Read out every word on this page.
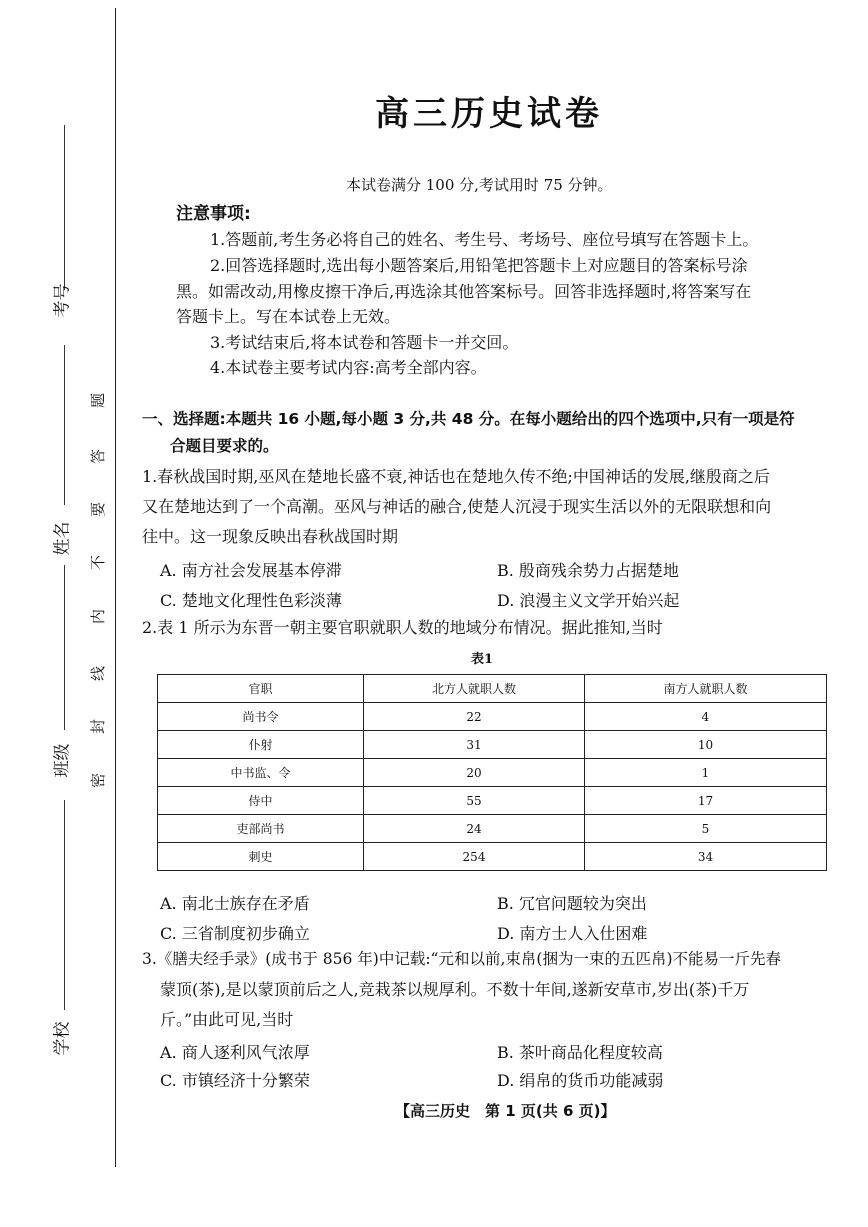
考号
姓名
班级
学校
题
答
要
不
内
线
封
密
高三历史试卷
本试卷满分 100 分,考试用时 75 分钟。
注意事项:
1.答题前,考生务必将自己的姓名、考生号、考场号、座位号填写在答题卡上。
2.回答选择题时,选出每小题答案后,用铅笔把答题卡上对应题目的答案标号涂
黑。如需改动,用橡皮擦干净后,再选涂其他答案标号。回答非选择题时,将答案写在
答题卡上。写在本试卷上无效。
3.考试结束后,将本试卷和答题卡一并交回。
4.本试卷主要考试内容:高考全部内容。
一、选择题:本题共 16 小题,每小题 3 分,共 48 分。在每小题给出的四个选项中,只有一项是符
合题目要求的。
1.春秋战国时期,巫风在楚地长盛不衰,神话也在楚地久传不绝;中国神话的发展,继殷商之后
又在楚地达到了一个高潮。巫风与神话的融合,使楚人沉浸于现实生活以外的无限联想和向
往中。这一现象反映出春秋战国时期
A. 南方社会发展基本停滞	B. 殷商残余势力占据楚地
C. 楚地文化理性色彩淡薄	D. 浪漫主义文学开始兴起
2.表 1 所示为东晋一朝主要官职就职人数的地域分布情况。据此推知,当时
表1
官职	北方人就职人数	南方人就职人数
尚书令	22	4
仆射	31	10
中书监、令	20	1
侍中	55	17
吏部尚书	24	5
刺史	254	34
A. 南北士族存在矛盾	B. 冗官问题较为突出
C. 三省制度初步确立	D. 南方士人入仕困难
3.《膳夫经手录》(成书于 856 年)中记载:“元和以前,束帛(捆为一束的五匹帛)不能易一斤先春
蒙顶(茶),是以蒙顶前后之人,竞栽茶以规厚利。不数十年间,遂新安草市,岁出(茶)千万
斤。”由此可见,当时
A. 商人逐利风气浓厚	B. 茶叶商品化程度较高
C. 市镇经济十分繁荣	D. 绢帛的货币功能减弱
【高三历史　第 1 页(共 6 页)】
